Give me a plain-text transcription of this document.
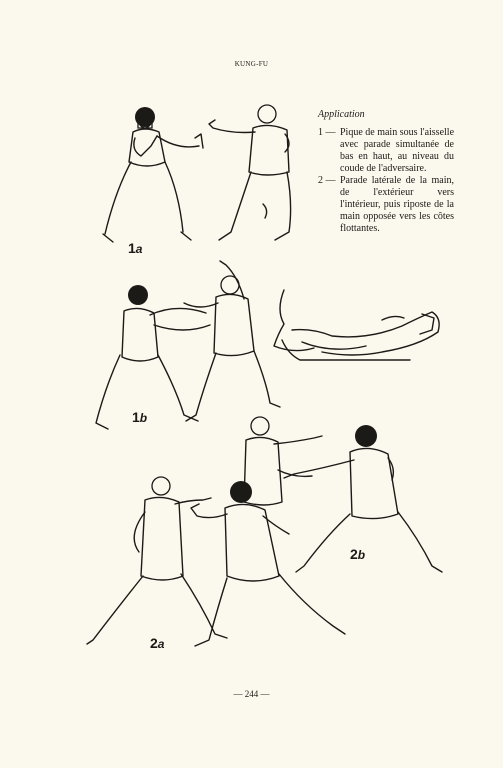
KUNG-FU
Application
1 — Pique de main sous l'aisselle avec parade simultanée de bas en haut, au niveau du coude de l'adversaire.
2 — Parade latérale de la main, de l'extérieur vers l'intérieur, puis riposte de la main opposée vers les côtes flottantes.
1a
1b
2b
2a
— 244 —
